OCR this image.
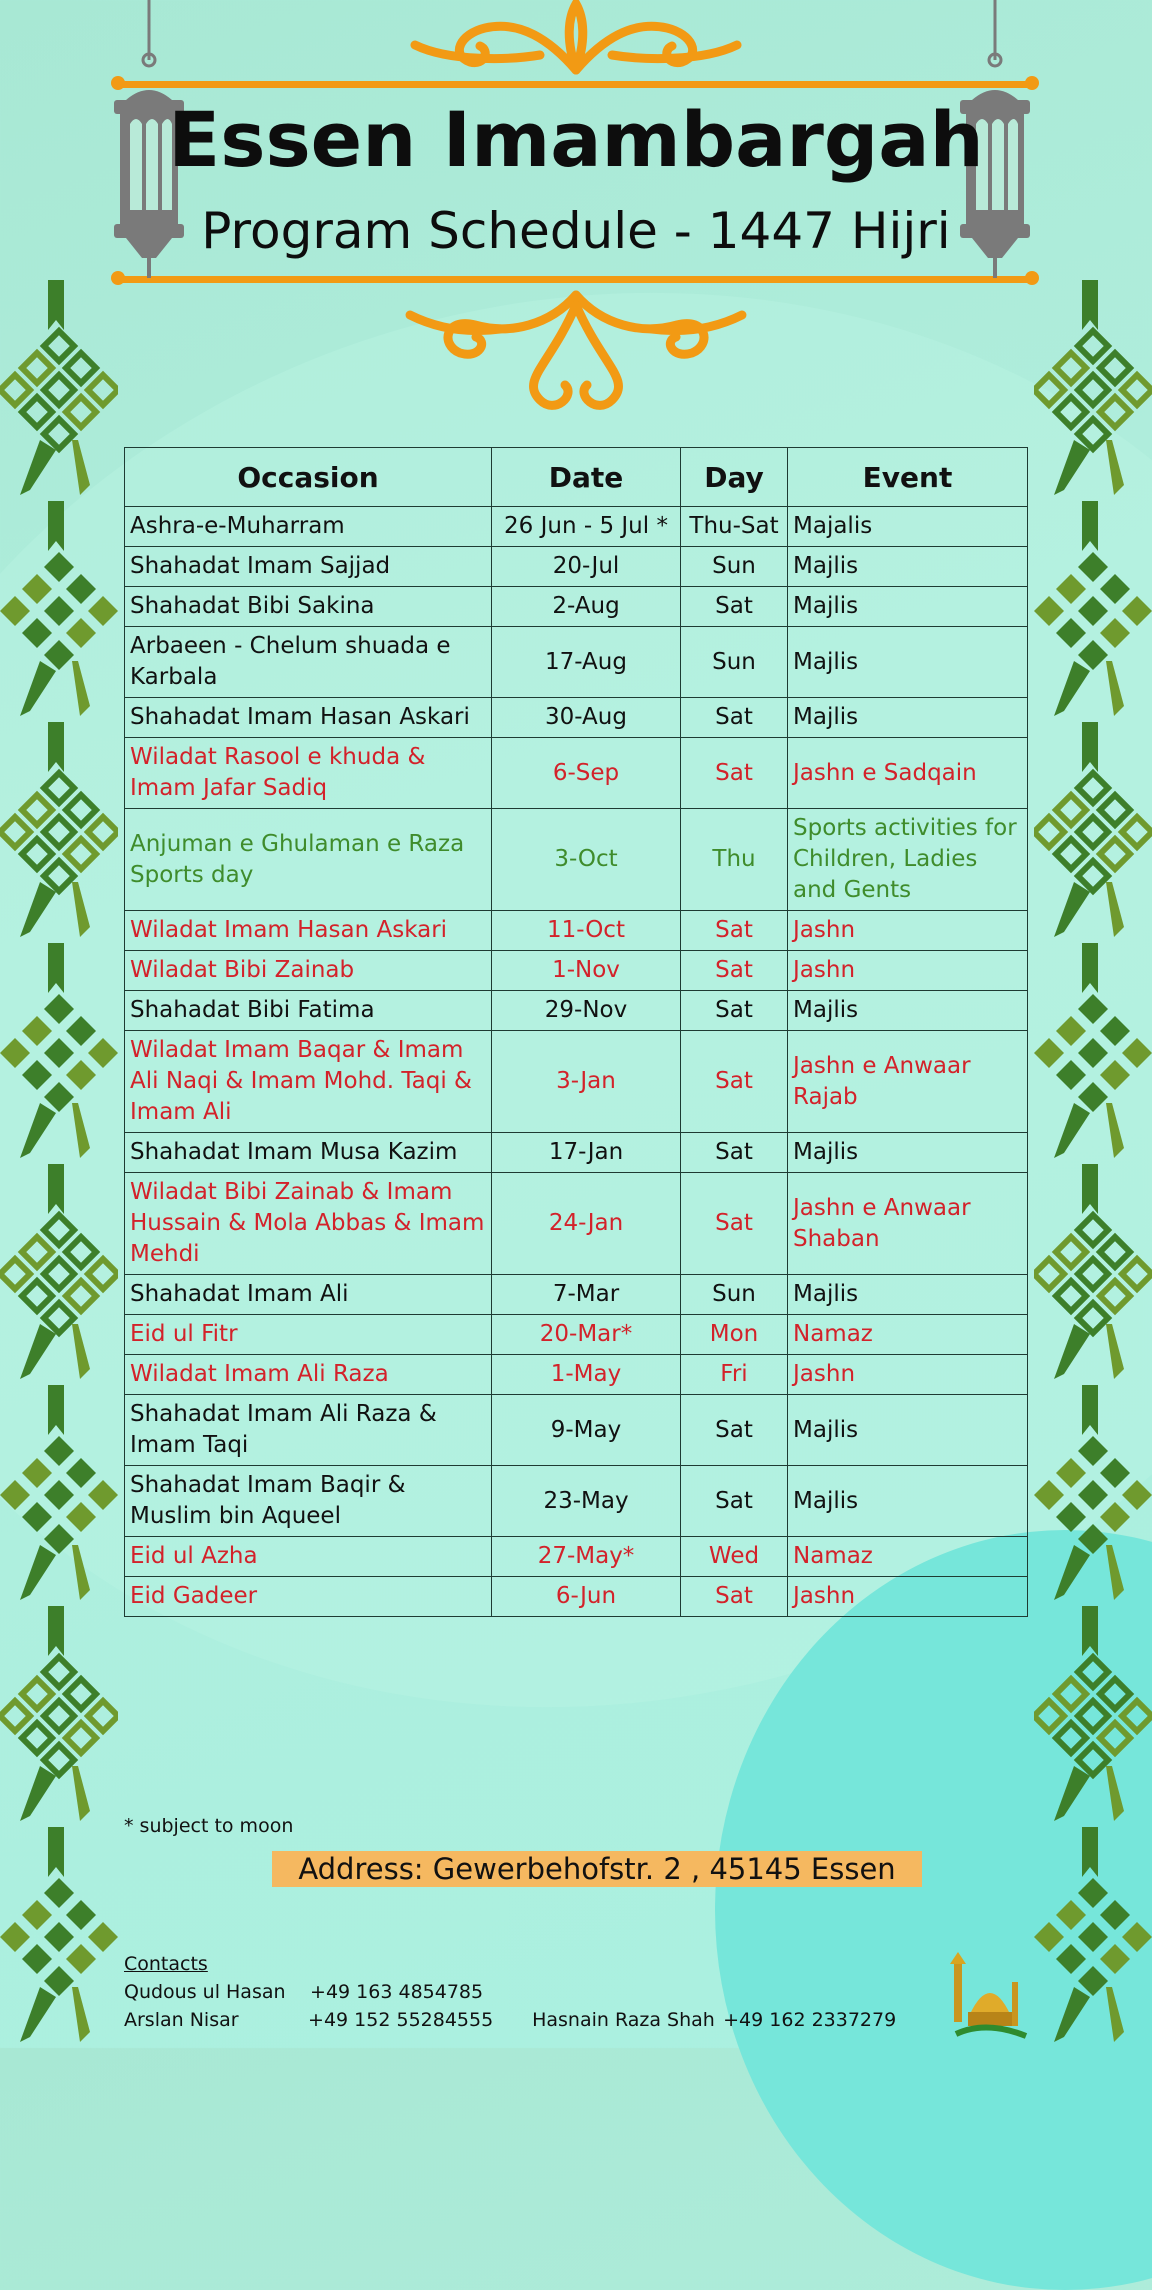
Essen Imambargah
Program Schedule - 1447 Hijri
Occasion	Date	Day	Event
Ashra-e-Muharram	26 Jun - 5 Jul *	Thu-Sat	Majalis
Shahadat Imam Sajjad	20-Jul	Sun	Majlis
Shahadat Bibi Sakina	2-Aug	Sat	Majlis
Arbaeen - Chelum shuada e Karbala	17-Aug	Sun	Majlis
Shahadat Imam Hasan Askari	30-Aug	Sat	Majlis
Wiladat Rasool e khuda & Imam Jafar Sadiq	6-Sep	Sat	Jashn e Sadqain
Anjuman e Ghulaman e Raza Sports day	3-Oct	Thu	Sports activities for Children, Ladies and Gents
Wiladat Imam Hasan Askari	11-Oct	Sat	Jashn
Wiladat Bibi Zainab	1-Nov	Sat	Jashn
Shahadat Bibi Fatima	29-Nov	Sat	Majlis
Wiladat Imam Baqar & Imam Ali Naqi & Imam Mohd. Taqi & Imam Ali	3-Jan	Sat	Jashn e Anwaar Rajab
Shahadat Imam Musa Kazim	17-Jan	Sat	Majlis
Wiladat Bibi Zainab & Imam Hussain & Mola Abbas & Imam Mehdi	24-Jan	Sat	Jashn e Anwaar Shaban
Shahadat Imam Ali	7-Mar	Sun	Majlis
Eid ul Fitr	20-Mar*	Mon	Namaz
Wiladat Imam Ali Raza	1-May	Fri	Jashn
Shahadat Imam Ali Raza & Imam Taqi	9-May	Sat	Majlis
Shahadat Imam Baqir & Muslim bin Aqueel	23-May	Sat	Majlis
Eid ul Azha	27-May*	Wed	Namaz
Eid Gadeer	6-Jun	Sat	Jashn
* subject to moon
Address: Gewerbehofstr. 2 , 45145 Essen
Contacts
Qudous ul Hasan +49 163 4854785
Arslan Nisar	+49 152 55284555 Hasnain Raza Shah +49 162 2337279
